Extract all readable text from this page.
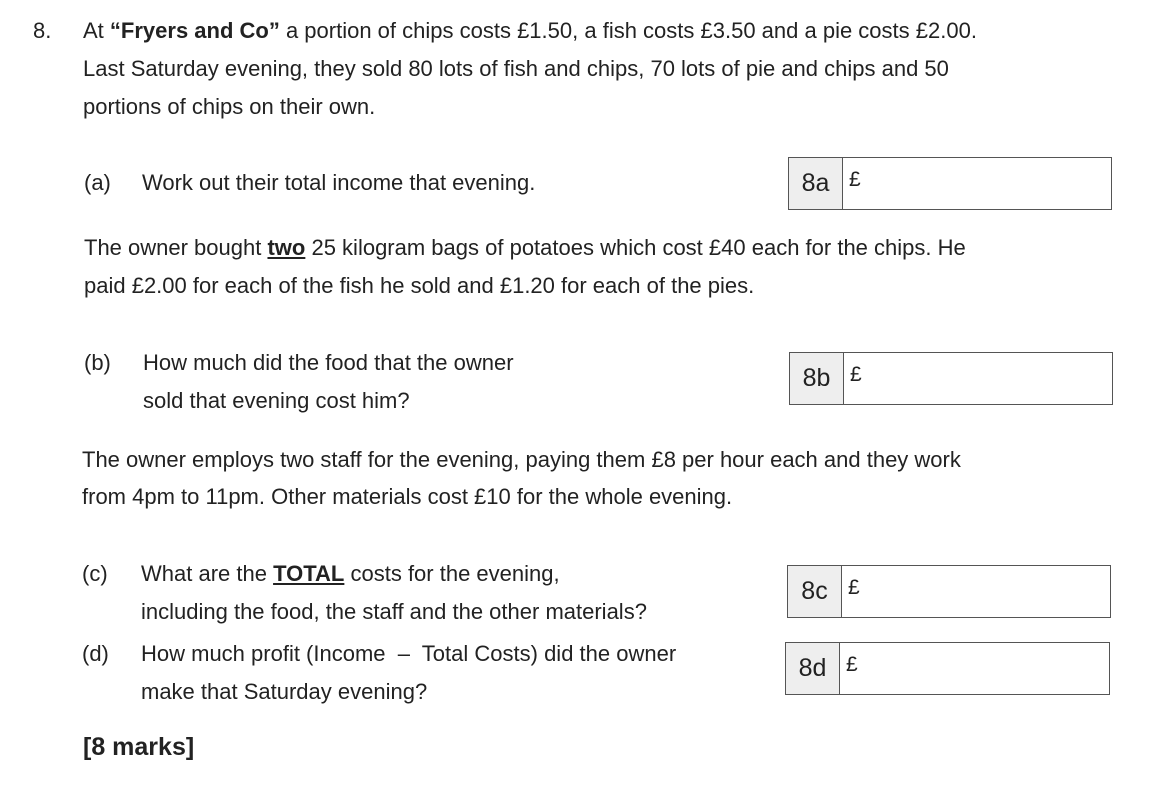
8. At “Fryers and Co” a portion of chips costs £1.50, a fish costs £3.50 and a pie costs £2.00.
Last Saturday evening, they sold 80 lots of fish and chips, 70 lots of pie and chips and 50
portions of chips on their own.
(a) Work out their total income that evening.	8a £
The owner bought two 25 kilogram bags of potatoes which cost £40 each for the chips. He
paid £2.00 for each of the fish he sold and £1.20 for each of the pies.
(b) How much did the food that the owner
sold that evening cost him?
8b £
The owner employs two staff for the evening, paying them £8 per hour each and they work
from 4pm to 11pm. Other materials cost £10 for the whole evening.
(c) What are the TOTAL costs for the evening,
including the food, the staff and the other materials?
8c £
(d) How much profit (Income  –  Total Costs) did the owner
make that Saturday evening?
8d £
[8 marks]
